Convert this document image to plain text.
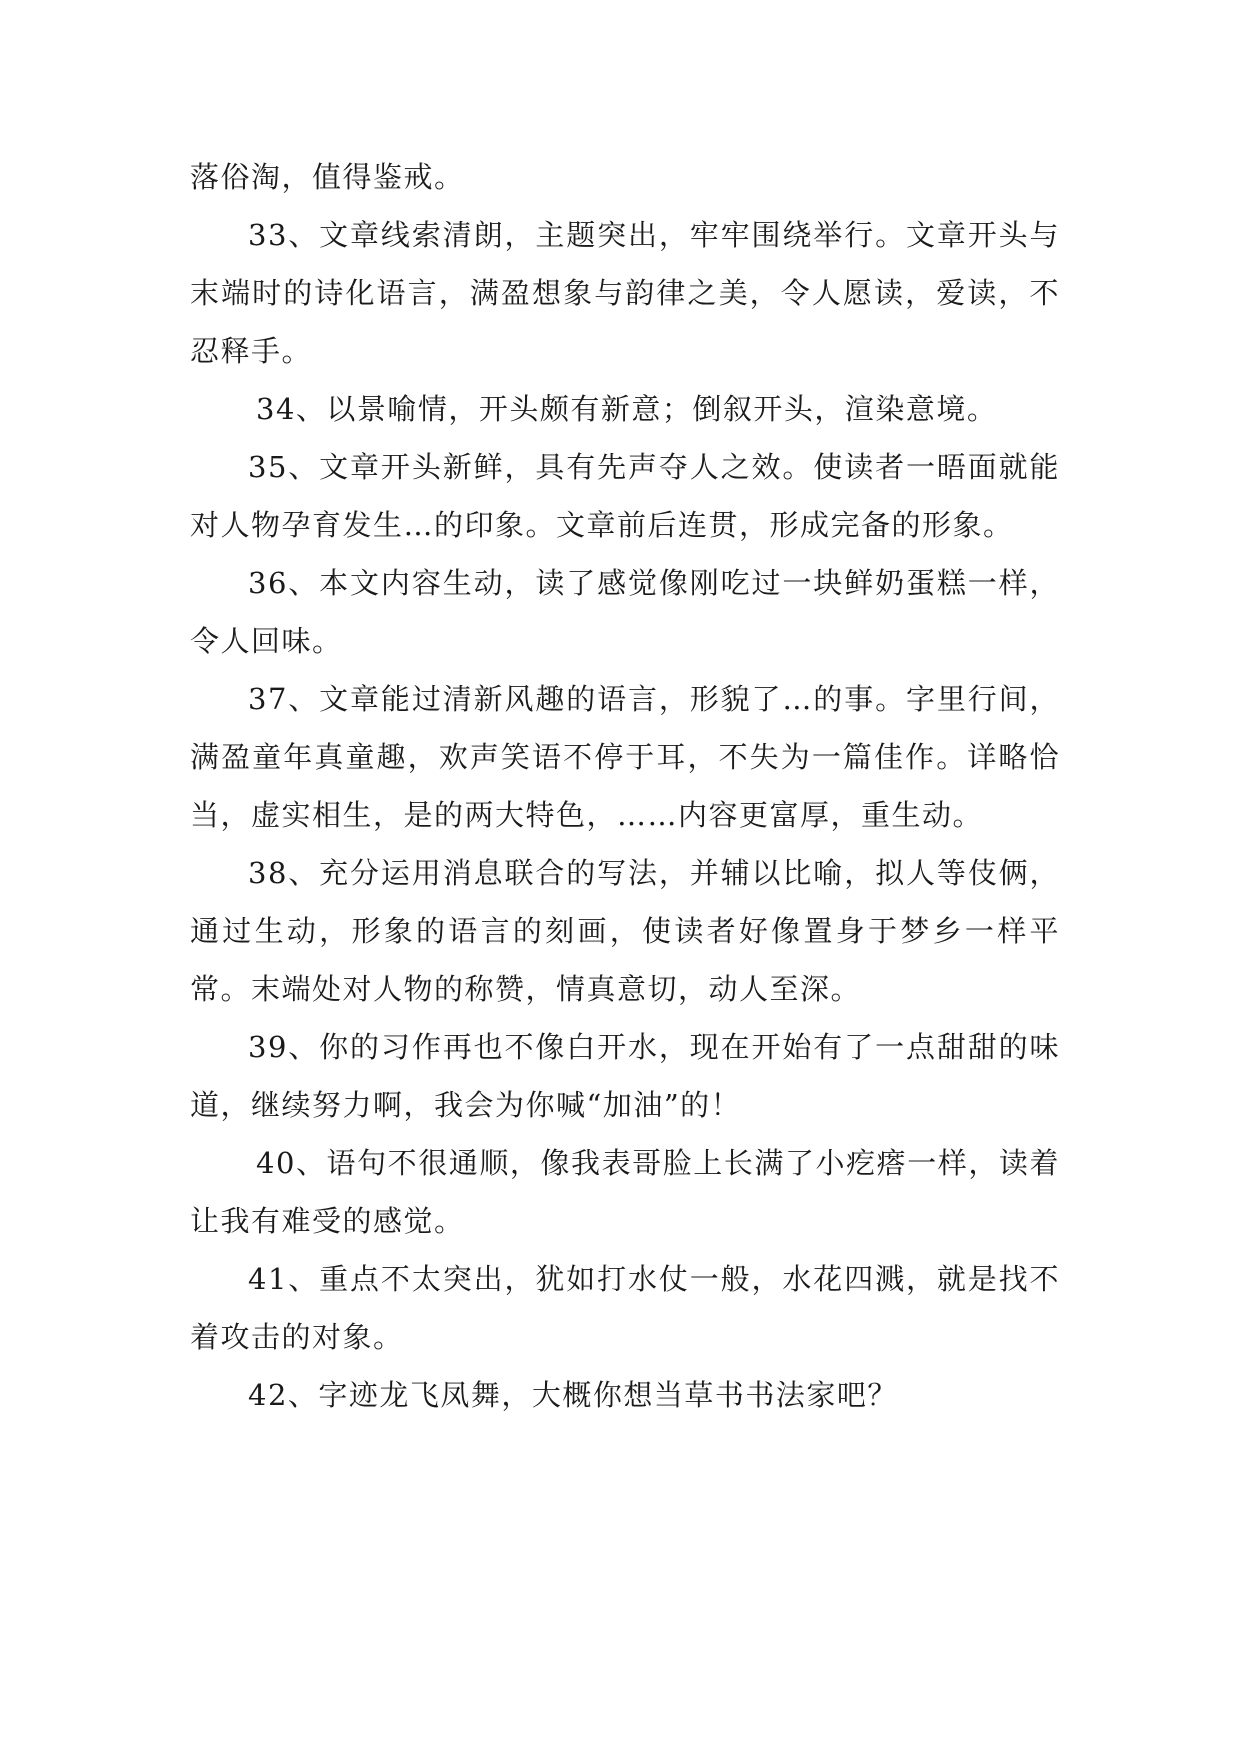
落俗淘，值得鉴戒。

33、文章线索清朗，主题突出，牢牢围绕举行。文章开头与末端时的诗化语言，满盈想象与韵律之美，令人愿读，爱读，不忍释手。

34、以景喻情，开头颇有新意；倒叙开头，渲染意境。

35、文章开头新鲜，具有先声夺人之效。使读者一晤面就能对人物孕育发生…的印象。文章前后连贯，形成完备的形象。

36、本文内容生动，读了感觉像刚吃过一块鲜奶蛋糕一样，令人回味。

37、文章能过清新风趣的语言，形貌了…的事。字里行间，满盈童年真童趣，欢声笑语不停于耳，不失为一篇佳作。详略恰当，虚实相生，是的两大特色，……内容更富厚，重生动。

38、充分运用消息联合的写法，并辅以比喻，拟人等伎俩，通过生动，形象的语言的刻画，使读者好像置身于梦乡一样平常。末端处对人物的称赞，情真意切，动人至深。

39、你的习作再也不像白开水，现在开始有了一点甜甜的味道，继续努力啊，我会为你喊“加油”的！

40、语句不很通顺，像我表哥脸上长满了小疙瘩一样，读着让我有难受的感觉。

41、重点不太突出，犹如打水仗一般，水花四溅，就是找不着攻击的对象。

42、字迹龙飞凤舞，大概你想当草书书法家吧？
